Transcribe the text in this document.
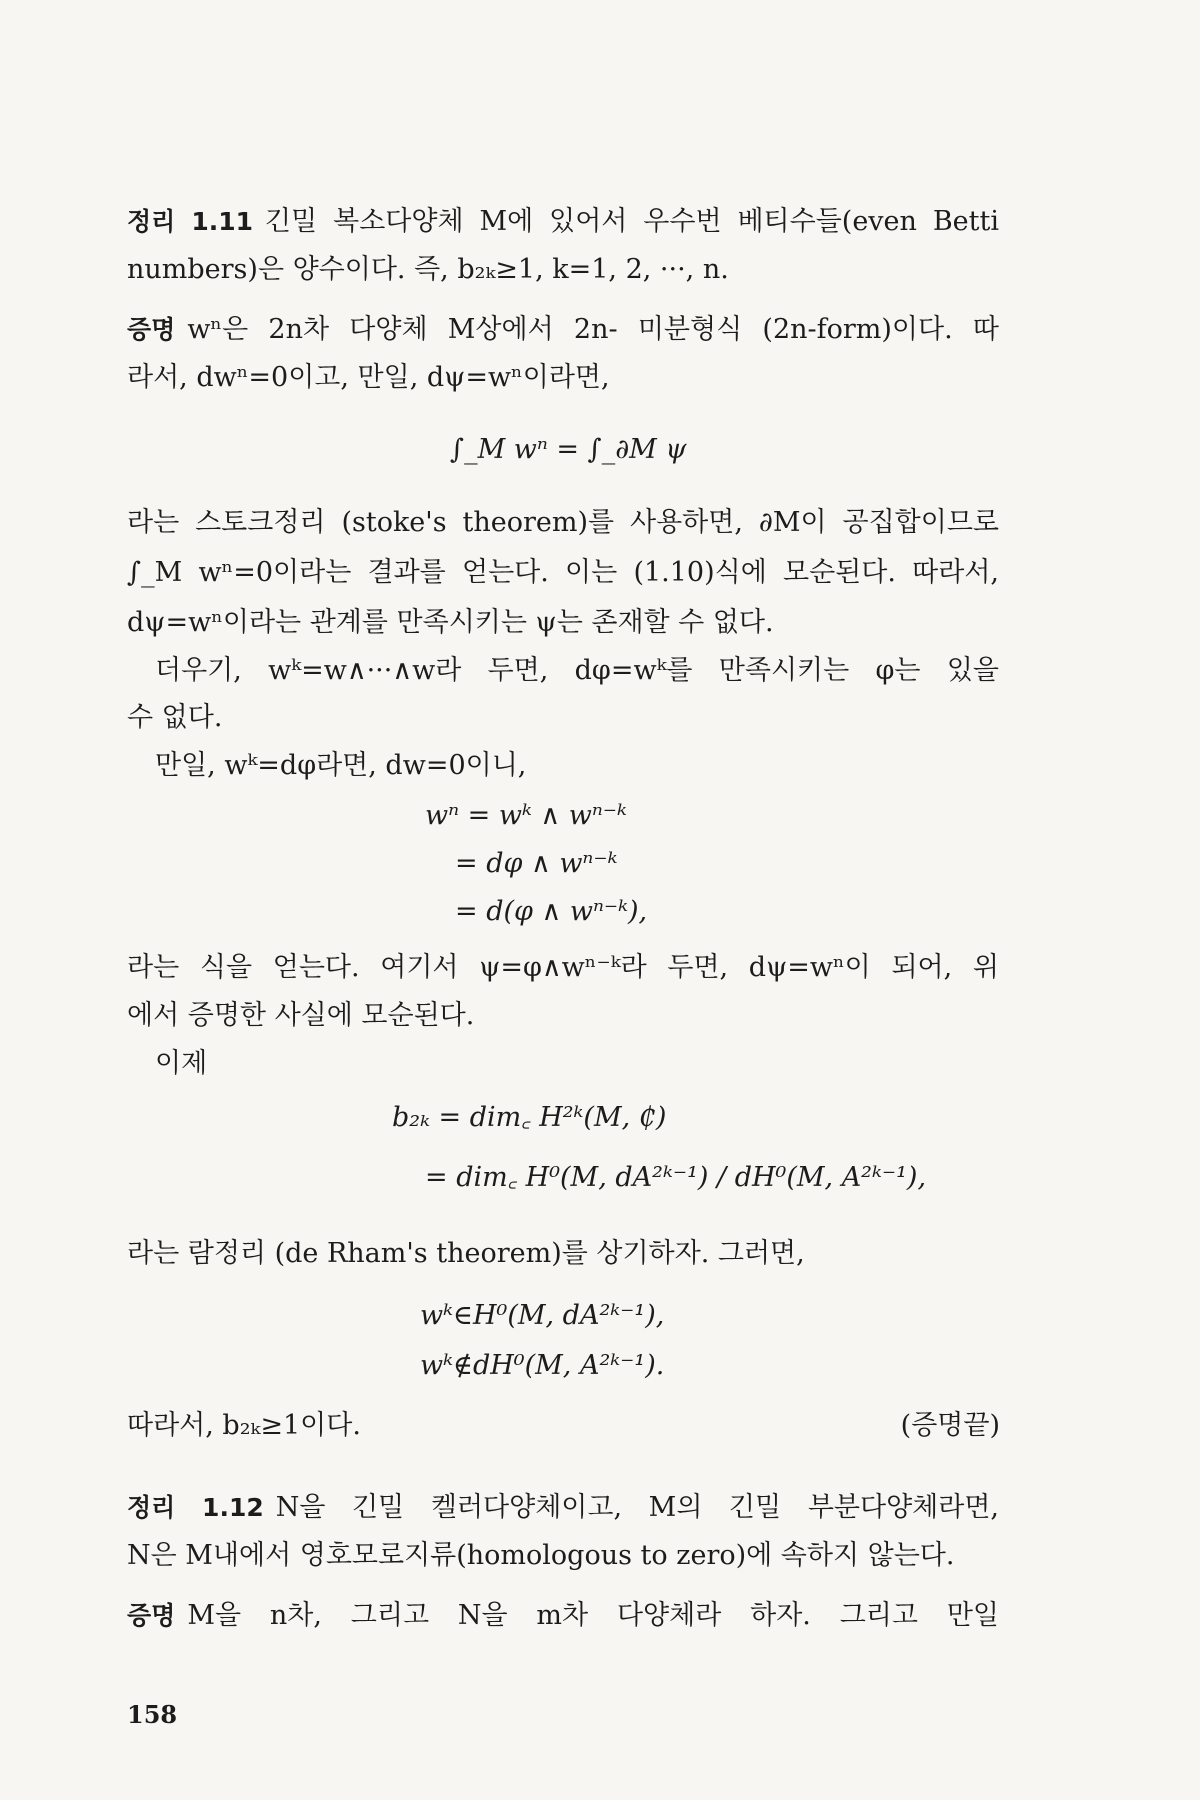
정리 1.11 긴밀 복소다양체 M에 있어서 우수번 베티수들(even Betti
numbers)은 양수이다. 즉, b₂ₖ≥1, k=1, 2, ···, n.
증명 wⁿ은 2n차 다양체 M상에서 2n- 미분형식 (2n-form)이다. 따
라서, dwⁿ=0이고, 만일, dψ=wⁿ이라면,
∫_M wⁿ = ∫_∂M ψ
라는 스토크정리 (stoke's theorem)를 사용하면, ∂M이 공집합이므로
∫_M wⁿ=0이라는 결과를 얻는다. 이는 (1.10)식에 모순된다. 따라서,
dψ=wⁿ이라는 관계를 만족시키는 ψ는 존재할 수 없다.
더우기, wᵏ=w∧···∧w라 두면, dφ=wᵏ를 만족시키는 φ는 있을
수 없다.
만일, wᵏ=dφ라면, dw=0이니,
wⁿ = wᵏ ∧ wⁿ⁻ᵏ
= dφ ∧ wⁿ⁻ᵏ
= d(φ ∧ wⁿ⁻ᵏ),
라는 식을 얻는다. 여기서 ψ=φ∧wⁿ⁻ᵏ라 두면, dψ=wⁿ이 되어, 위
에서 증명한 사실에 모순된다.
이제
b₂ₖ = dim꜀ H²ᵏ(M, ₵)
= dim꜀ H⁰(M, dA²ᵏ⁻¹) / dH⁰(M, A²ᵏ⁻¹),
라는 람정리 (de Rham's theorem)를 상기하자. 그러면,
wᵏ∈H⁰(M, dA²ᵏ⁻¹),
wᵏ∉dH⁰(M, A²ᵏ⁻¹).
따라서, b₂ₖ≥1이다.	(증명끝)
정리 1.12 N을 긴밀 켈러다양체이고, M의 긴밀 부분다양체라면,
N은 M내에서 영호모로지류(homologous to zero)에 속하지 않는다.
증명 M을 n차, 그리고 N을 m차 다양체라 하자. 그리고 만일
158
